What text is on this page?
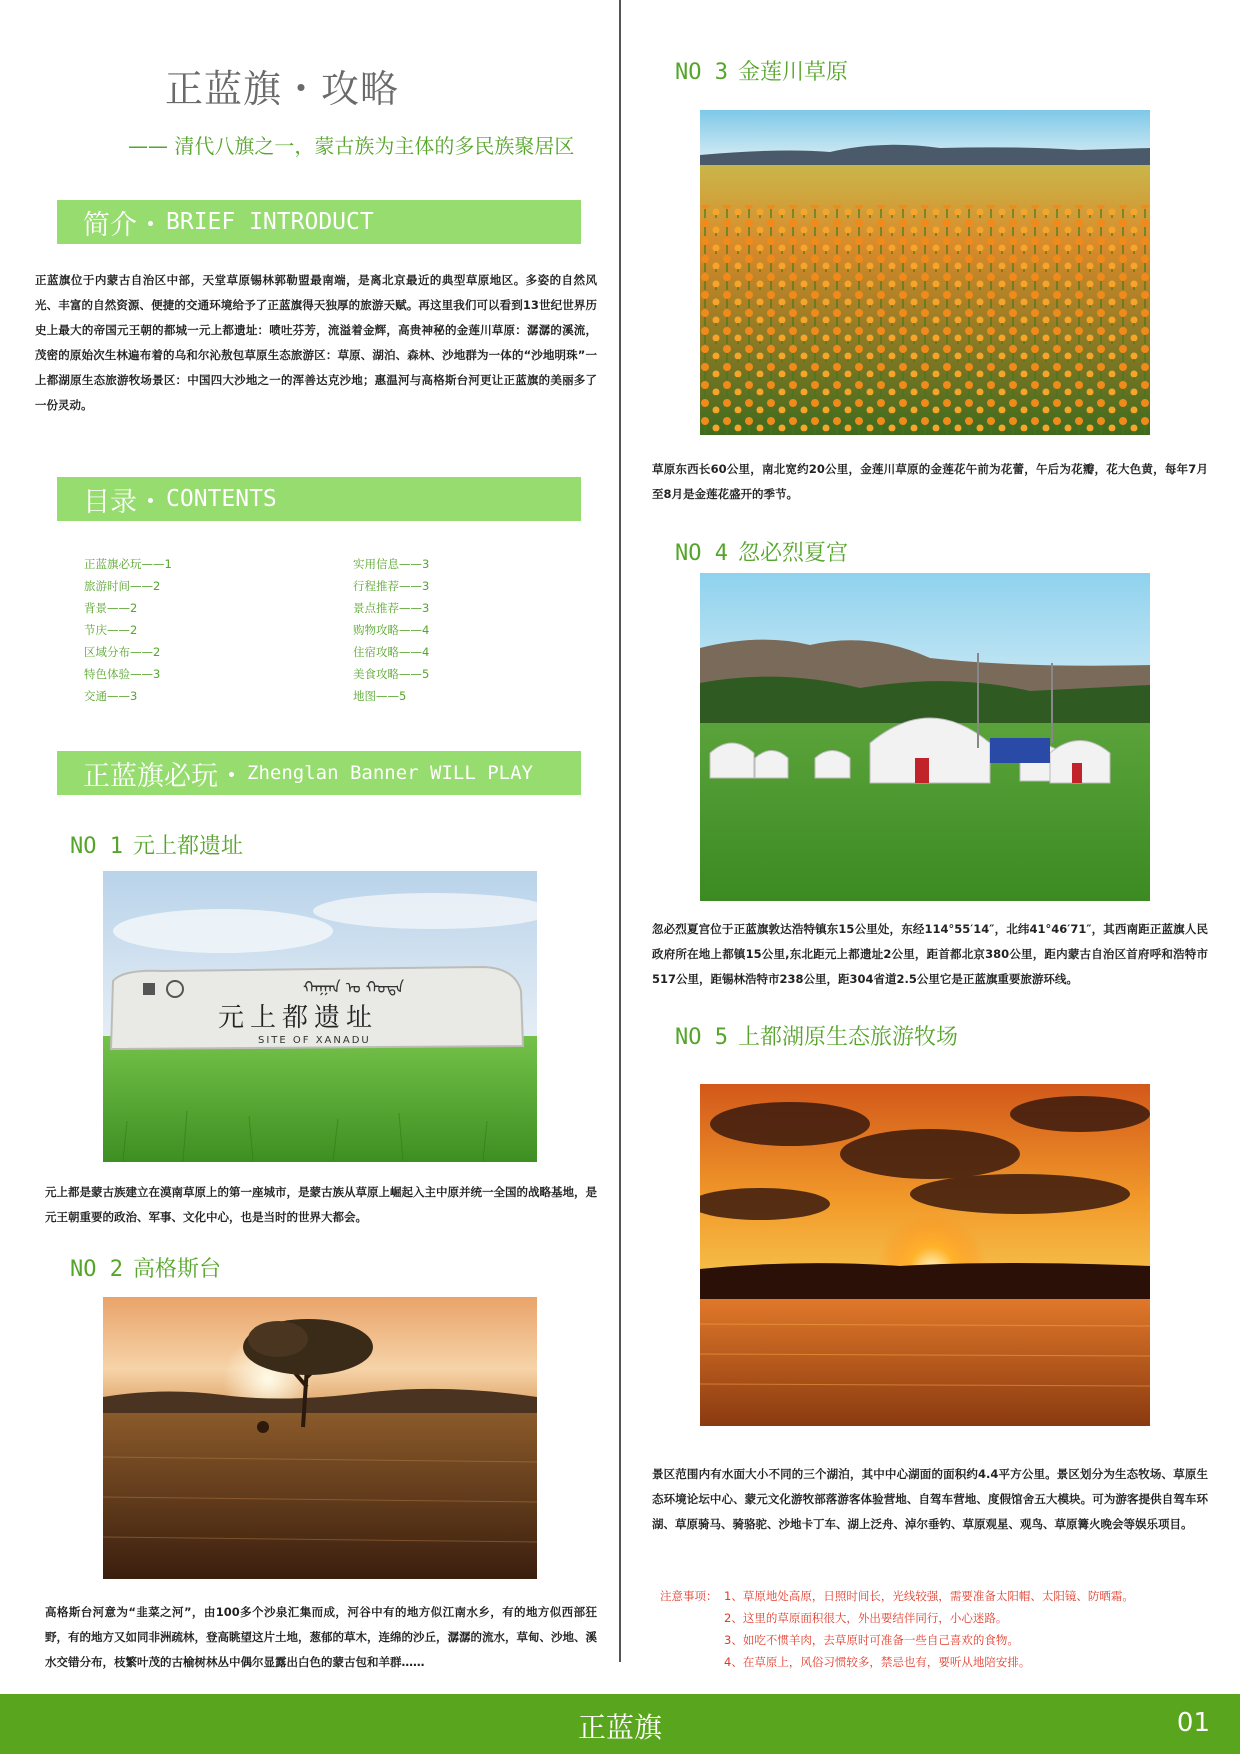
正蓝旗・攻略
—— 清代八旗之一，蒙古族为主体的多民族聚居区
简介・ BRIEF INTRODUCT
正蓝旗位于内蒙古自治区中部，天堂草原锡林郭勒盟最南端，是离北京最近的典型草原地区。多姿的自然风光、丰富的自然资源、便捷的交通环境给予了正蓝旗得天独厚的旅游天赋。再这里我们可以看到13世纪世界历史上最大的帝国元王朝的都城一元上都遗址：喷吐芬芳，流溢着金辉，高贵神秘的金莲川草原：潺潺的溪流，茂密的原始次生林遍布着的乌和尔沁敖包草原生态旅游区：草原、湖泊、森林、沙地群为一体的“沙地明珠”一上都湖原生态旅游牧场景区：中国四大沙地之一的浑善达克沙地；惠温河与高格斯台河更让正蓝旗的美丽多了一份灵动。
目录・ CONTENTS
正蓝旗必玩——1
旅游时间——2
背景——2
节庆——2
区域分布——2
特色体验——3
交通——3
实用信息——3
行程推荐——3
景点推荐——3
购物攻略——4
住宿攻略——4
美食攻略——5
地图——5
正蓝旗必玩・ Zhenglan Banner WILL PLAY
NO 1 元上都遗址
ᠬᠠᠭᠠᠨ ᠤ ᠬᠣᠲᠠ
元上都遗址
SITE OF XANADU
元上都是蒙古族建立在漠南草原上的第一座城市，是蒙古族从草原上崛起入主中原并统一全国的战略基地，是元王朝重要的政治、军事、文化中心，也是当时的世界大都会。
NO 2 高格斯台
高格斯台河意为“韭菜之河”，由100多个沙泉汇集而成，河谷中有的地方似江南水乡，有的地方似西部狂野，有的地方又如同非洲疏林，登高眺望这片土地，葱郁的草木，连绵的沙丘，潺潺的流水，草甸、沙地、溪水交错分布，枝繁叶茂的古榆树林丛中偶尔显露出白色的蒙古包和羊群……
NO 3 金莲川草原
草原东西长60公里，南北宽约20公里，金莲川草原的金莲花午前为花蕾，午后为花瓣，花大色黄，每年7月至8月是金莲花盛开的季节。
NO 4 忽必烈夏宫
忽必烈夏宫位于正蓝旗敦达浩特镇东15公里处，东经114°55′14″，北纬41°46′71″，其西南距正蓝旗人民政府所在地上都镇15公里,东北距元上都遗址2公里，距首都北京380公里，距内蒙古自治区首府呼和浩特市517公里，距锡林浩特市238公里，距304省道2.5公里它是正蓝旗重要旅游环线。
NO 5 上都湖原生态旅游牧场
景区范围内有水面大小不同的三个湖泊，其中中心湖面的面积约4.4平方公里。景区划分为生态牧场、草原生态环境论坛中心、蒙元文化游牧部落游客体验营地、自驾车营地、度假馆舍五大模块。可为游客提供自驾车环湖、草原骑马、骑骆驼、沙地卡丁车、湖上泛舟、淖尔垂钓、草原观星、观鸟、草原篝火晚会等娱乐项目。
注意事项： 1、草原地处高原，日照时间长，光线较强，需要准备太阳帽、太阳镜、防晒霜。
2、这里的草原面积很大，外出要结伴同行，小心迷路。
3、如吃不惯羊肉，去草原时可准备一些自己喜欢的食物。
4、在草原上，风俗习惯较多，禁忌也有，要听从地陪安排。
正蓝旗	01
